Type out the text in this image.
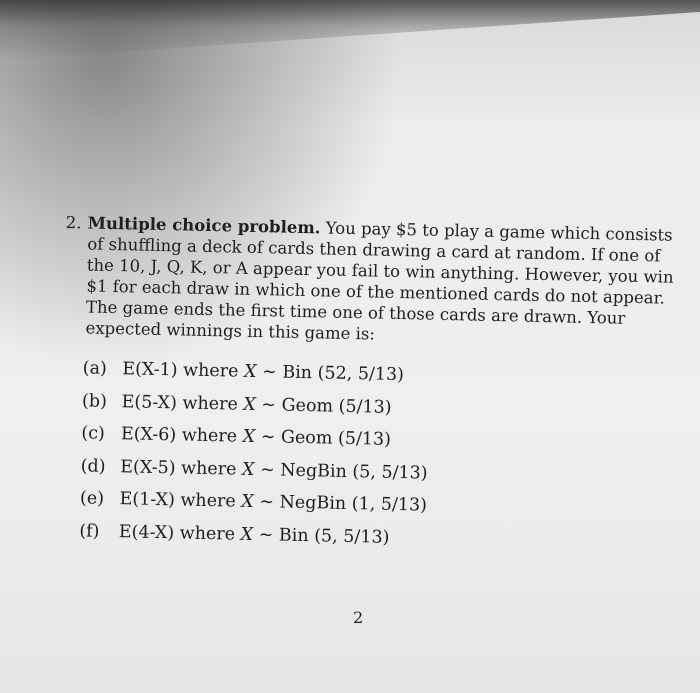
2. Multiple choice problem. You pay $5 to play a game which consists of shuffling a deck of cards then drawing a card at random. If one of the 10, J, Q, K, or A appear you fail to win anything. However, you win $1 for each draw in which one of the mentioned cards do not appear. The game ends the first time one of those cards are drawn. Your expected winnings in this game is:
(a) E(X-1) where X ~ Bin (52, 5/13)
(b) E(5-X) where X ~ Geom (5/13)
(c) E(X-6) where X ~ Geom (5/13)
(d) E(X-5) where X ~ NegBin (5, 5/13)
(e) E(1-X) where X ~ NegBin (1, 5/13)
(f) E(4-X) where X ~ Bin (5, 5/13)
2
